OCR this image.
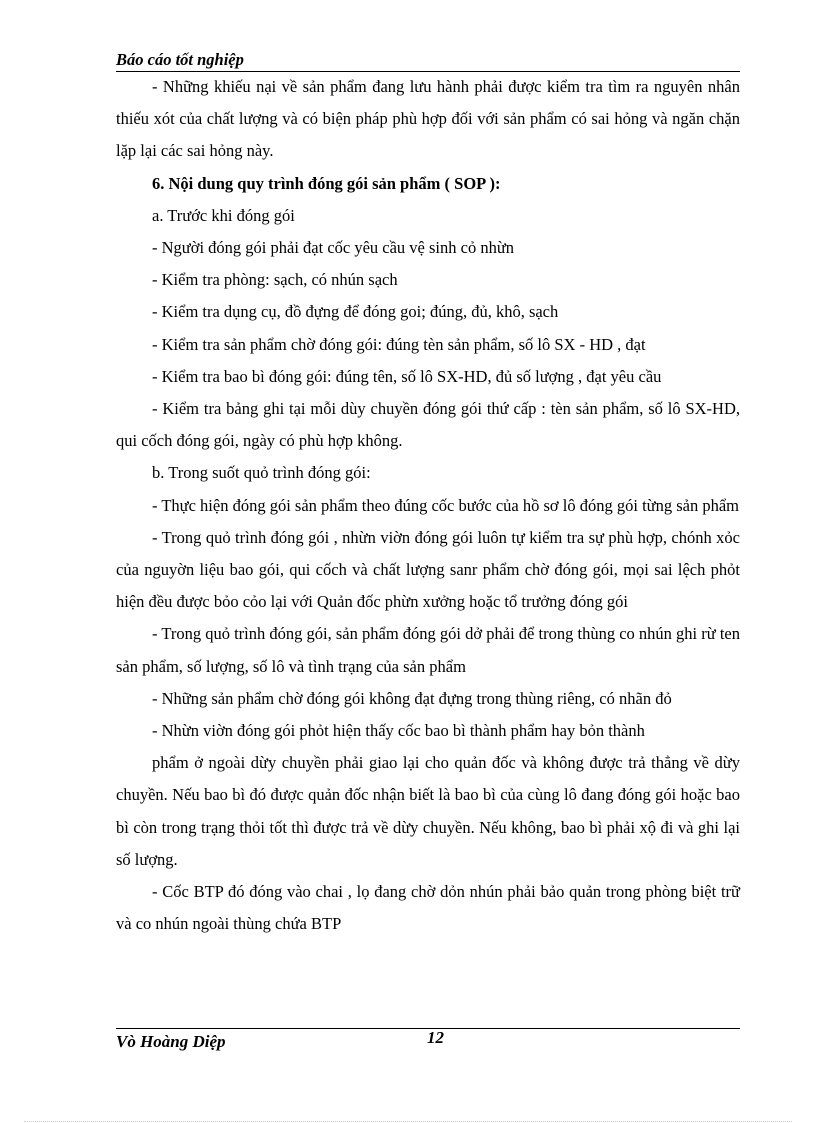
Báo cáo tốt nghiệp

- Những khiếu nại về sản phẩm đang lưu hành phải được kiểm tra tìm ra nguyên nhân thiếu xót của chất lượng và có biện pháp phù hợp đối với sản phẩm có sai hỏng và ngăn chặn lặp lại các sai hỏng này.

6. Nội dung quy trình đóng gói sản phẩm ( SOP ):

a. Trước khi đóng gói

- Người đóng gói phải đạt cốc yêu cầu vệ sinh cỏ nhừn

- Kiểm tra phòng: sạch, có nhún sạch

- Kiểm tra dụng cụ, đồ đựng để đóng goi; đúng, đủ, khô, sạch

- Kiểm tra sản phẩm chờ đóng gói: đúng tèn sản phẩm, số lô SX - HD , đạt

- Kiểm tra bao bì đóng gói: đúng tên, số lô SX-HD, đủ số lượng , đạt yêu cầu

- Kiểm tra bảng ghi tại mỗi dùy chuyền đóng gói thứ cấp : tèn sản phẩm, số lô SX-HD, qui cốch đóng gói, ngày có phù hợp không.

b. Trong suốt quỏ trình đóng gói:

- Thực hiện đóng gói sản phẩm theo đúng cốc bước của hồ sơ lô đóng gói từng sản phẩm

- Trong quỏ trình đóng gói , nhừn viờn đóng gói luôn tự kiểm tra sự phù hợp, chónh xỏc của nguyờn liệu bao gói, qui cốch và chất lượng sanr phẩm chờ đóng gói, mọi sai lệch phỏt hiện đều được bỏo cỏo lại với Quản đốc phừn xưởng hoặc tổ trưởng đóng gói

- Trong quỏ trình đóng gói, sản phẩm đóng gói dở phải để trong thùng co nhún ghi rừ ten sản phẩm, số lượng, số lô và tình trạng của sản phẩm

- Những sản phẩm chờ đóng gói không đạt đựng trong thùng riêng, có nhãn đỏ

- Nhừn viờn đóng gói phỏt hiện thấy cốc bao bì thành phẩm hay bỏn thành

phẩm ở ngoài dừy chuyền phải giao lại cho quản đốc và không được trả thẳng về dừy chuyền. Nếu bao bì đó được quản đốc nhận biết là bao bì của cùng lô đang đóng gói hoặc bao bì còn trong trạng thỏi tốt thì được trả về dừy chuyền. Nếu không, bao bì phải xộ đi và ghi lại số lượng.

- Cốc BTP đó đóng vào chai , lọ đang chờ dỏn nhún phải bảo quản trong phòng biệt trữ và co nhún ngoài thùng chứa BTP

Vò Hoàng Diệp	12
